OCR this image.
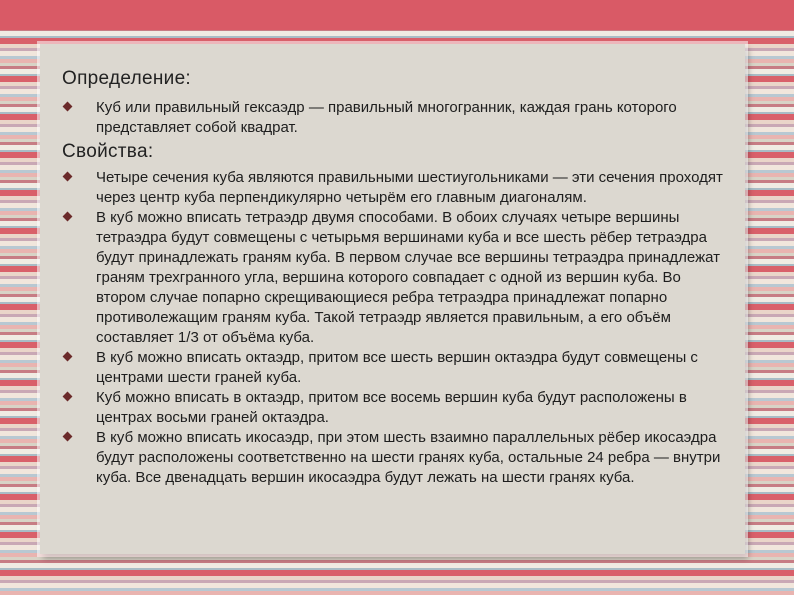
Определение:
Куб или правильный гексаэдр — правильный многогранник, каждая грань которого представляет собой квадрат.
Свойства:
Четыре сечения куба являются правильными шестиугольниками — эти сечения проходят через центр куба перпендикулярно четырём его главным диагоналям.
В куб можно вписать тетраэдр двумя способами. В обоих случаях четыре вершины тетраэдра будут совмещены с четырьмя вершинами куба и все шесть рёбер тетраэдра будут принадлежать граням куба. В первом случае все вершины тетраэдра принадлежат граням трехгранного угла, вершина которого совпадает с одной из вершин куба. Во втором случае попарно скрещивающиеся ребра тетраэдра принадлежат попарно противолежащим граням куба. Такой тетраэдр является правильным, а его объём составляет 1/3 от объёма куба.
В куб можно вписать октаэдр, притом все шесть вершин октаэдра будут совмещены с центрами шести граней куба.
Куб можно вписать в октаэдр, притом все восемь вершин куба будут расположены в центрах восьми граней октаэдра.
В куб можно вписать икосаэдр, при этом шесть взаимно параллельных рёбер икосаэдра будут расположены соответственно на шести гранях куба, остальные 24 ребра — внутри куба. Все двенадцать вершин икосаэдра будут лежать на шести гранях куба.
